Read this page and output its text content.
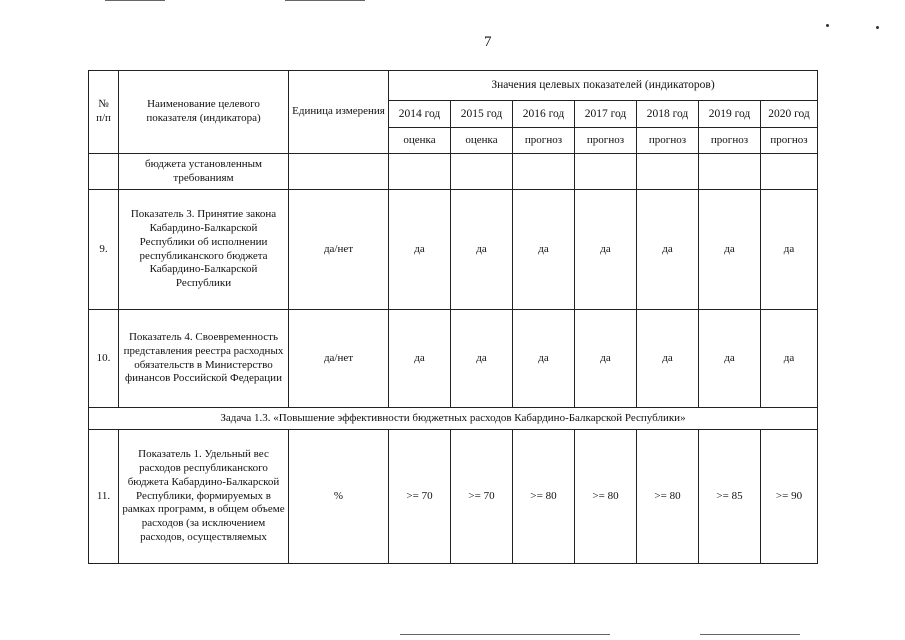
7
№
п/п	Наименование целевого показателя (индикатора)	Единица измерения	Значения целевых показателей (индикаторов)						
			2014 год	2015 год	2016 год	2017 год	2018 год	2019 год	2020 год
			оценка	оценка	прогноз	прогноз	прогноз	прогноз	прогноз
	бюджета установленным требованиям								
9.	Показатель 3. Принятие закона Кабардино-Балкарской Республики об исполнении республиканского бюджета Кабардино-Балкарской Республики	да/нет	да	да	да	да	да	да	да
10.	Показатель 4. Своевременность представления реестра расходных обязательств в Министерство финансов Российской Федерации	да/нет	да	да	да	да	да	да	да
Задача 1.3. «Повышение эффективности бюджетных расходов Кабардино-Балкарской Республики»									
11.	Показатель 1. Удельный вес расходов республиканского бюджета Кабардино-Балкарской Республики, формируемых в рамках программ, в общем объеме расходов (за исключением расходов, осуществляемых	%	>= 70	>= 70	>= 80	>= 80	>= 80	>= 85	>= 90
